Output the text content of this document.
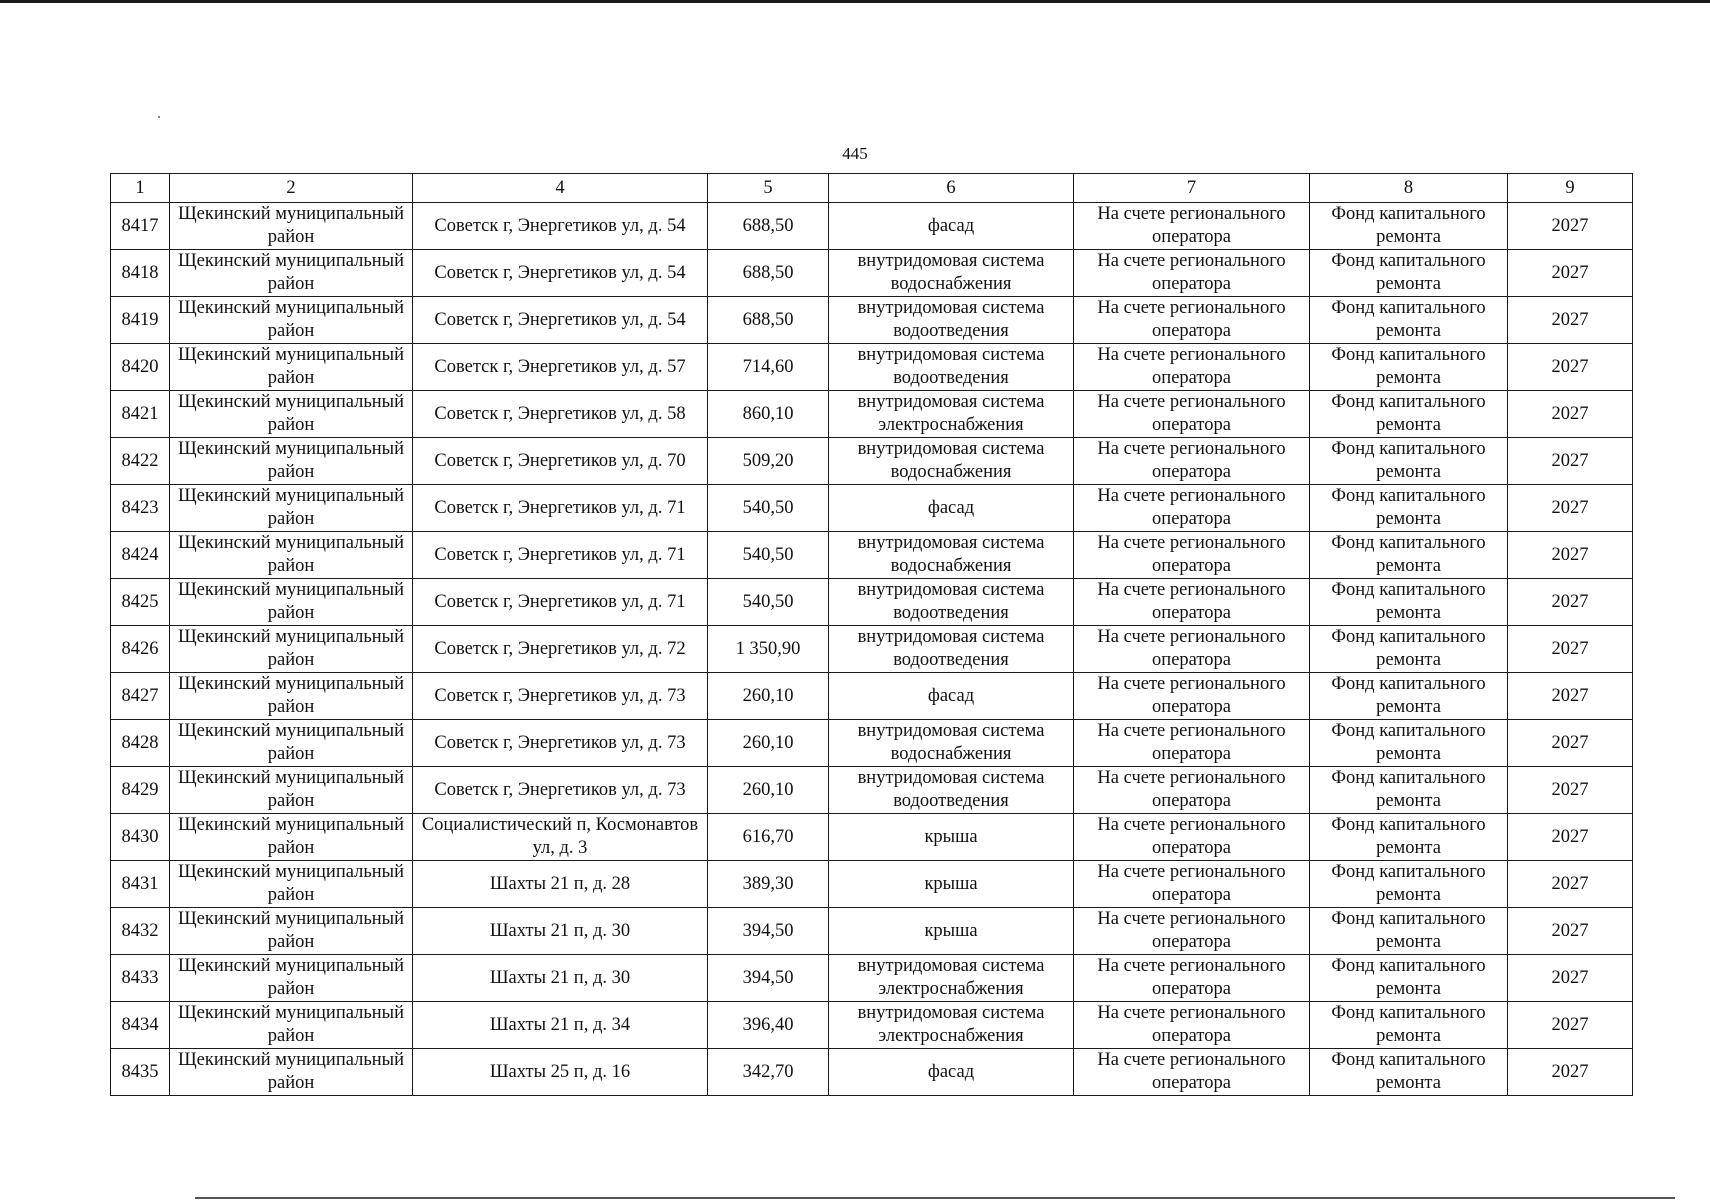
445
1	2	4	5	6	7	8	9
8417	Щекинский муниципальный район	Советск г, Энергетиков ул, д. 54	688,50	фасад	На счете регионального оператора	Фонд капитального ремонта	2027
8418	Щекинский муниципальный район	Советск г, Энергетиков ул, д. 54	688,50	внутридомовая система водоснабжения	На счете регионального оператора	Фонд капитального ремонта	2027
8419	Щекинский муниципальный район	Советск г, Энергетиков ул, д. 54	688,50	внутридомовая система водоотведения	На счете регионального оператора	Фонд капитального ремонта	2027
8420	Щекинский муниципальный район	Советск г, Энергетиков ул, д. 57	714,60	внутридомовая система водоотведения	На счете регионального оператора	Фонд капитального ремонта	2027
8421	Щекинский муниципальный район	Советск г, Энергетиков ул, д. 58	860,10	внутридомовая система электроснабжения	На счете регионального оператора	Фонд капитального ремонта	2027
8422	Щекинский муниципальный район	Советск г, Энергетиков ул, д. 70	509,20	внутридомовая система водоснабжения	На счете регионального оператора	Фонд капитального ремонта	2027
8423	Щекинский муниципальный район	Советск г, Энергетиков ул, д. 71	540,50	фасад	На счете регионального оператора	Фонд капитального ремонта	2027
8424	Щекинский муниципальный район	Советск г, Энергетиков ул, д. 71	540,50	внутридомовая система водоснабжения	На счете регионального оператора	Фонд капитального ремонта	2027
8425	Щекинский муниципальный район	Советск г, Энергетиков ул, д. 71	540,50	внутридомовая система водоотведения	На счете регионального оператора	Фонд капитального ремонта	2027
8426	Щекинский муниципальный район	Советск г, Энергетиков ул, д. 72	1 350,90	внутридомовая система водоотведения	На счете регионального оператора	Фонд капитального ремонта	2027
8427	Щекинский муниципальный район	Советск г, Энергетиков ул, д. 73	260,10	фасад	На счете регионального оператора	Фонд капитального ремонта	2027
8428	Щекинский муниципальный район	Советск г, Энергетиков ул, д. 73	260,10	внутридомовая система водоснабжения	На счете регионального оператора	Фонд капитального ремонта	2027
8429	Щекинский муниципальный район	Советск г, Энергетиков ул, д. 73	260,10	внутридомовая система водоотведения	На счете регионального оператора	Фонд капитального ремонта	2027
8430	Щекинский муниципальный район	Социалистический п, Космонавтов ул, д. 3	616,70	крыша	На счете регионального оператора	Фонд капитального ремонта	2027
8431	Щекинский муниципальный район	Шахты 21 п, д. 28	389,30	крыша	На счете регионального оператора	Фонд капитального ремонта	2027
8432	Щекинский муниципальный район	Шахты 21 п, д. 30	394,50	крыша	На счете регионального оператора	Фонд капитального ремонта	2027
8433	Щекинский муниципальный район	Шахты 21 п, д. 30	394,50	внутридомовая система электроснабжения	На счете регионального оператора	Фонд капитального ремонта	2027
8434	Щекинский муниципальный район	Шахты 21 п, д. 34	396,40	внутридомовая система электроснабжения	На счете регионального оператора	Фонд капитального ремонта	2027
8435	Щекинский муниципальный район	Шахты 25 п, д. 16	342,70	фасад	На счете регионального оператора	Фонд капитального ремонта	2027
